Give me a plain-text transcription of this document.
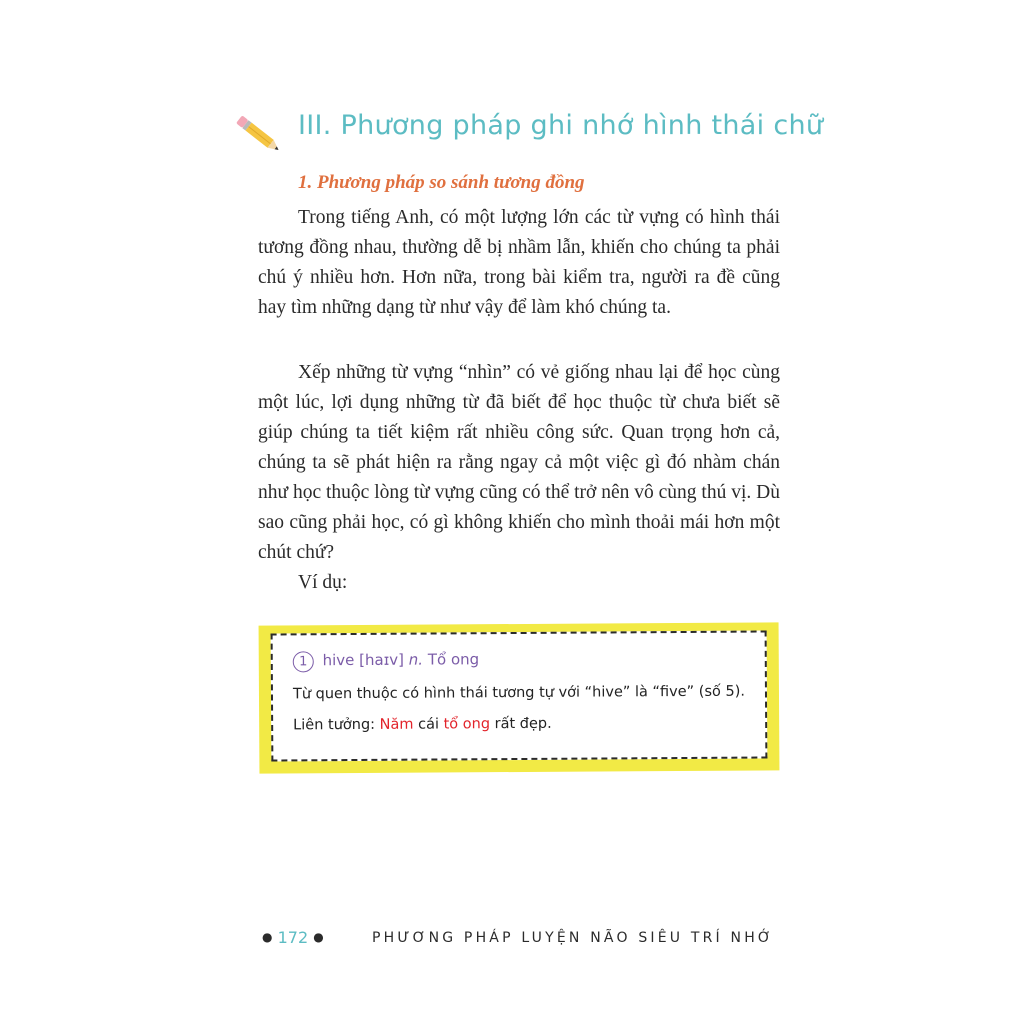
III. Phương pháp ghi nhớ hình thái chữ
1. Phương pháp so sánh tương đồng

Trong tiếng Anh, có một lượng lớn các từ vựng có hình thái tương đồng nhau, thường dễ bị nhầm lẫn, khiến cho chúng ta phải chú ý nhiều hơn. Hơn nữa, trong bài kiểm tra, người ra đề cũng hay tìm những dạng từ như vậy để làm khó chúng ta.

Xếp những từ vựng “nhìn” có vẻ giống nhau lại để học cùng một lúc, lợi dụng những từ đã biết để học thuộc từ chưa biết sẽ giúp chúng ta tiết kiệm rất nhiều công sức. Quan trọng hơn cả, chúng ta sẽ phát hiện ra rằng ngay cả một việc gì đó nhàm chán như học thuộc lòng từ vựng cũng có thể trở nên vô cùng thú vị. Dù sao cũng phải học, có gì không khiến cho mình thoải mái hơn một chút chứ?

Ví dụ:
1 hive [haɪv] n. Tổ ong
Từ quen thuộc có hình thái tương tự với “hive” là “five” (số 5).
Liên tưởng: Năm cái tổ ong rất đẹp.
● 172 ●	PHƯƠNG PHÁP LUYỆN NÃO SIÊU TRÍ NHỚ
